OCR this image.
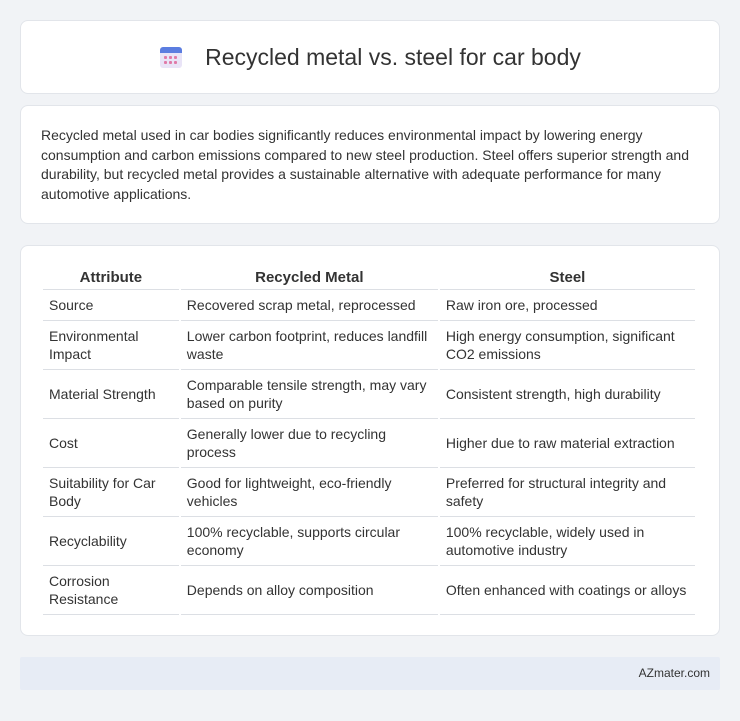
Recycled metal vs. steel for car body

Recycled metal used in car bodies significantly reduces environmental impact by lowering energy consumption and carbon emissions compared to new steel production. Steel offers superior strength and durability, but recycled metal provides a sustainable alternative with adequate performance for many automotive applications.

Attribute	Recycled Metal	Steel
Source	Recovered scrap metal, reprocessed	Raw iron ore, processed
Environmental Impact	Lower carbon footprint, reduces landfill waste	High energy consumption, significant CO2 emissions
Material Strength	Comparable tensile strength, may vary based on purity	Consistent strength, high durability
Cost	Generally lower due to recycling process	Higher due to raw material extraction
Suitability for Car Body	Good for lightweight, eco-friendly vehicles	Preferred for structural integrity and safety
Recyclability	100% recyclable, supports circular economy	100% recyclable, widely used in automotive industry
Corrosion Resistance	Depends on alloy composition	Often enhanced with coatings or alloys
AZmater.com
